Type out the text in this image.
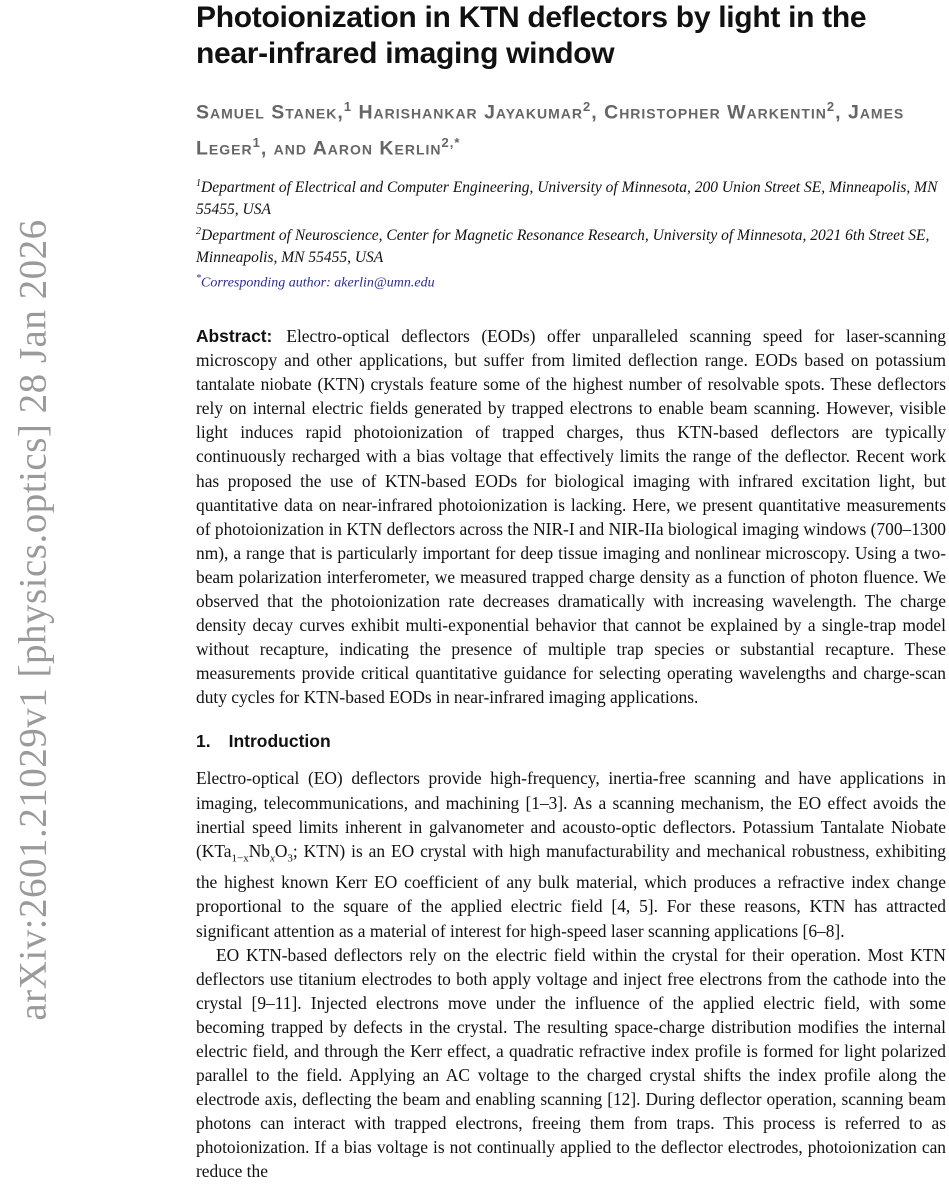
arXiv:2601.21029v1 [physics.optics] 28 Jan 2026
Photoionization in KTN deflectors by light in the near-infrared imaging window
Samuel Stanek,$^1$ Harishankar Jayakumar$^2$, Christopher Warkentin$^2$, James Leger$^1$, and Aaron Kerlin$^{2,*}$
$^1$Department of Electrical and Computer Engineering, University of Minnesota, 200 Union Street SE, Minneapolis, MN 55455, USA
$^2$Department of Neuroscience, Center for Magnetic Resonance Research, University of Minnesota, 2021 6th Street SE, Minneapolis, MN 55455, USA
*Corresponding author: akerlin@umn.edu

Abstract: Electro-optical deflectors (EODs) offer unparalleled scanning speed for laser-scanning microscopy and other applications, but suffer from limited deflection range. EODs based on potassium tantalate niobate (KTN) crystals feature some of the highest number of resolvable spots. These deflectors rely on internal electric fields generated by trapped electrons to enable beam scanning. However, visible light induces rapid photoionization of trapped charges, thus KTN-based deflectors are typically continuously recharged with a bias voltage that effectively limits the range of the deflector. Recent work has proposed the use of KTN-based EODs for biological imaging with infrared excitation light, but quantitative data on near-infrared photoionization is lacking. Here, we present quantitative measurements of photoionization in KTN deflectors across the NIR-I and NIR-IIa biological imaging windows (700–1300 nm), a range that is particularly important for deep tissue imaging and nonlinear microscopy. Using a two-beam polarization interferometer, we measured trapped charge density as a function of photon fluence. We observed that the photoionization rate decreases dramatically with increasing wavelength. The charge density decay curves exhibit multi-exponential behavior that cannot be explained by a single-trap model without recapture, indicating the presence of multiple trap species or substantial recapture. These measurements provide critical quantitative guidance for selecting operating wavelengths and charge-scan duty cycles for KTN-based EODs in near-infrared imaging applications.

1. Introduction

Electro-optical (EO) deflectors provide high-frequency, inertia-free scanning and have applications in imaging, telecommunications, and machining [1–3]. As a scanning mechanism, the EO effect avoids the inertial speed limits inherent in galvanometer and acousto-optic deflectors. Potassium Tantalate Niobate ($KTa_{1-x}Nb_xO_3$; KTN) is an EO crystal with high manufacturability and mechanical robustness, exhibiting the highest known Kerr EO coefficient of any bulk material, which produces a refractive index change proportional to the square of the applied electric field [4, 5]. For these reasons, KTN has attracted significant attention as a material of interest for high-speed laser scanning applications [6–8].

EO KTN-based deflectors rely on the electric field within the crystal for their operation. Most KTN deflectors use titanium electrodes to both apply voltage and inject free electrons from the cathode into the crystal [9–11]. Injected electrons move under the influence of the applied electric field, with some becoming trapped by defects in the crystal. The resulting space-charge distribution modifies the internal electric field, and through the Kerr effect, a quadratic refractive index profile is formed for light polarized parallel to the field. Applying an AC voltage to the charged crystal shifts the index profile along the electrode axis, deflecting the beam and enabling scanning [12]. During deflector operation, scanning beam photons can interact with trapped electrons, freeing them from traps. This process is referred to as photoionization. If a bias voltage is not continually applied to the deflector electrodes, photoionization can reduce the
